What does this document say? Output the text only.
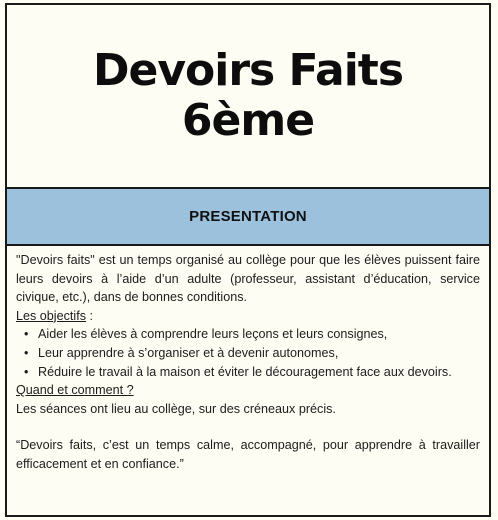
Devoirs Faits
6ème
PRESENTATION

"Devoirs faits" est un temps organisé au collège pour que les élèves puissent faire leurs devoirs à l’aide d’un adulte (professeur, assistant d’éducation, service civique, etc.), dans de bonnes conditions.

Les objectifs :

• Aider les élèves à comprendre leurs leçons et leurs consignes,
• Leur apprendre à s’organiser et à devenir autonomes,
• Réduire le travail à la maison et éviter le découragement face aux devoirs.

Quand et comment ?

Les séances ont lieu au collège, sur des créneaux précis.

“Devoirs faits, c’est un temps calme, accompagné, pour apprendre à travailler efficacement et en confiance.”
